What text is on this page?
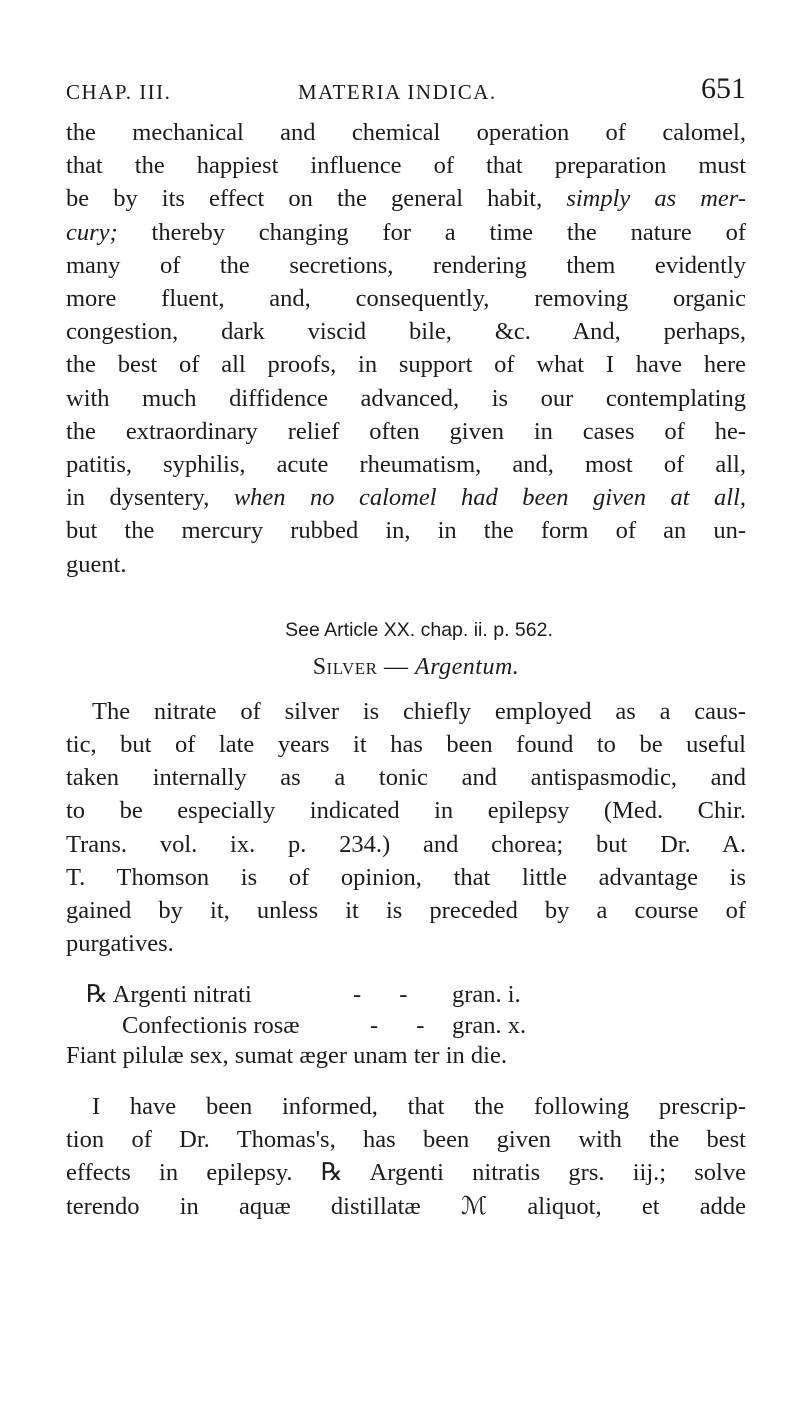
CHAP. III.	MATERIA INDICA.	651
the mechanical and chemical operation of calomel,
that the happiest influence of that preparation must
be by its effect on the general habit, simply as mer-
cury; thereby changing for a time the nature of
many of the secretions, rendering them evidently
more fluent, and, consequently, removing organic
congestion, dark viscid bile, &c. And, perhaps,
the best of all proofs, in support of what I have here
with much diffidence advanced, is our contemplating
the extraordinary relief often given in cases of he-
patitis, syphilis, acute rheumatism, and, most of all,
in dysentery, when no calomel had been given at all,
but the mercury rubbed in, in the form of an un-
guent.
See Article XX. chap. ii. p. 562.
Silver — Argentum.
The nitrate of silver is chiefly employed as a caus-
tic, but of late years it has been found to be useful
taken internally as a tonic and antispasmodic, and
to be especially indicated in epilepsy (Med. Chir.
Trans. vol. ix. p. 234.) and chorea; but Dr. A.
T. Thomson is of opinion, that little advantage is
gained by it, unless it is preceded by a course of
purgatives.
℞ Argenti nitrati	- - gran. i.
Confectionis rosæ	- - gran. x.
Fiant pilulæ sex, sumat æger unam ter in die.
I have been informed, that the following prescrip-
tion of Dr. Thomas's, has been given with the best
effects in epilepsy. ℞ Argenti nitratis grs. iij.; solve
terendo in aquæ distillatæ ℳ aliquot, et adde
